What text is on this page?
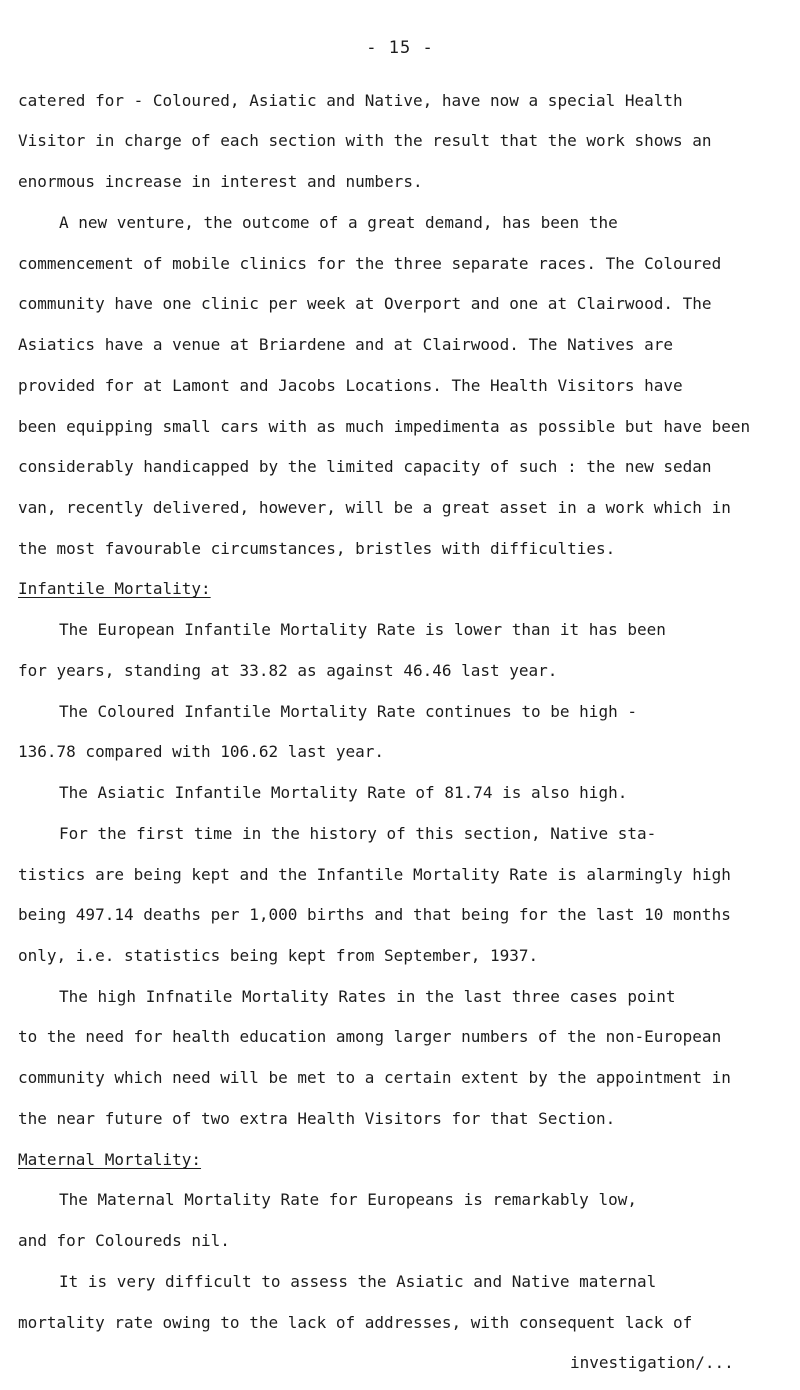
- 15 -
catered for - Coloured, Asiatic and Native, have now a special Health
Visitor in charge of each section with the result that the work shows an
enormous increase in interest and numbers.
A new venture, the outcome of a great demand, has been the
commencement of mobile clinics for the three separate races. The Coloured
community have one clinic per week at Overport and one at Clairwood. The
Asiatics have a venue at Briardene and at Clairwood. The Natives are
provided for at Lamont and Jacobs Locations. The Health Visitors have
been equipping small cars with as much impedimenta as possible but have been
considerably handicapped by the limited capacity of such : the new sedan
van, recently delivered, however, will be a great asset in a work which in
the most favourable circumstances, bristles with difficulties.
Infantile Mortality:
The European Infantile Mortality Rate is lower than it has been
for years, standing at 33.82 as against 46.46 last year.
The Coloured Infantile Mortality Rate continues to be high -
136.78 compared with 106.62 last year.
The Asiatic Infantile Mortality Rate of 81.74 is also high.
For the first time in the history of this section, Native sta-
tistics are being kept and the Infantile Mortality Rate is alarmingly high
being 497.14 deaths per 1,000 births and that being for the last 10 months
only, i.e. statistics being kept from September, 1937.
The high Infnatile Mortality Rates in the last three cases point
to the need for health education among larger numbers of the non-European
community which need will be met to a certain extent by the appointment in
the near future of two extra Health Visitors for that Section.
Maternal Mortality:
The Maternal Mortality Rate for Europeans is remarkably low,
and for Coloureds nil.
It is very difficult to assess the Asiatic and Native maternal
mortality rate owing to the lack of addresses, with consequent lack of
investigation/...
